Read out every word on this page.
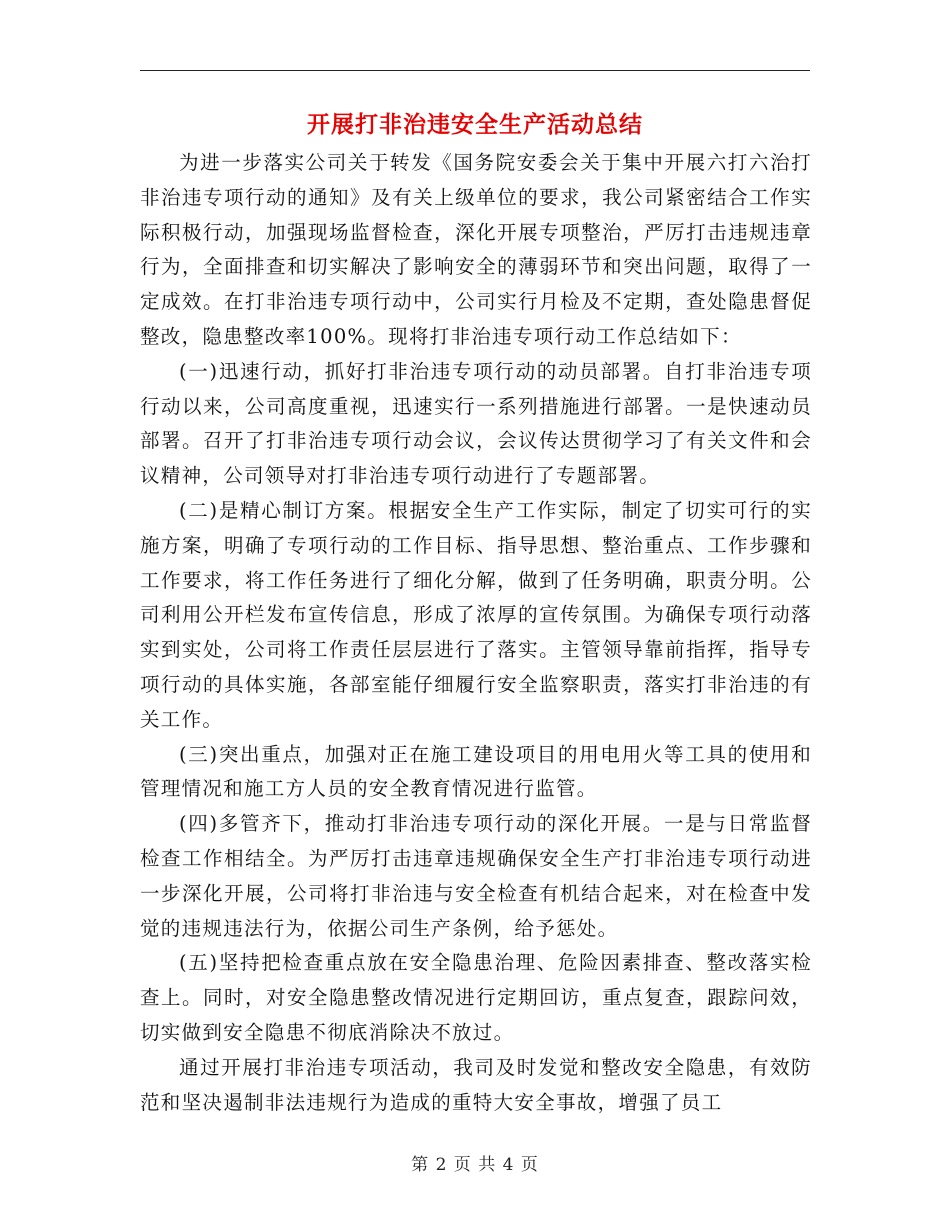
开展打非治违安全生产活动总结

为进一步落实公司关于转发《国务院安委会关于集中开展六打六治打非治违专项行动的通知》及有关上级单位的要求，我公司紧密结合工作实际积极行动，加强现场监督检查，深化开展专项整治，严厉打击违规违章行为，全面排查和切实解决了影响安全的薄弱环节和突出问题，取得了一定成效。在打非治违专项行动中，公司实行月检及不定期，查处隐患督促整改，隐患整改率100%。现将打非治违专项行动工作总结如下：

(一)迅速行动，抓好打非治违专项行动的动员部署。自打非治违专项行动以来，公司高度重视，迅速实行一系列措施进行部署。一是快速动员部署。召开了打非治违专项行动会议，会议传达贯彻学习了有关文件和会议精神，公司领导对打非治违专项行动进行了专题部署。

(二)是精心制订方案。根据安全生产工作实际，制定了切实可行的实施方案，明确了专项行动的工作目标、指导思想、整治重点、工作步骤和工作要求，将工作任务进行了细化分解，做到了任务明确，职责分明。公司利用公开栏发布宣传信息，形成了浓厚的宣传氛围。为确保专项行动落实到实处，公司将工作责任层层进行了落实。主管领导靠前指挥，指导专项行动的具体实施，各部室能仔细履行安全监察职责，落实打非治违的有关工作。

(三)突出重点，加强对正在施工建设项目的用电用火等工具的使用和管理情况和施工方人员的安全教育情况进行监管。

(四)多管齐下，推动打非治违专项行动的深化开展。一是与日常监督检查工作相结全。为严厉打击违章违规确保安全生产打非治违专项行动进一步深化开展，公司将打非治违与安全检查有机结合起来，对在检查中发觉的违规违法行为，依据公司生产条例，给予惩处。

(五)坚持把检查重点放在安全隐患治理、危险因素排查、整改落实检查上。同时，对安全隐患整改情况进行定期回访，重点复查，跟踪问效，切实做到安全隐患不彻底消除决不放过。

通过开展打非治违专项活动，我司及时发觉和整改安全隐患，有效防范和坚决遏制非法违规行为造成的重特大安全事故，增强了员工

第 2 页 共 4 页
